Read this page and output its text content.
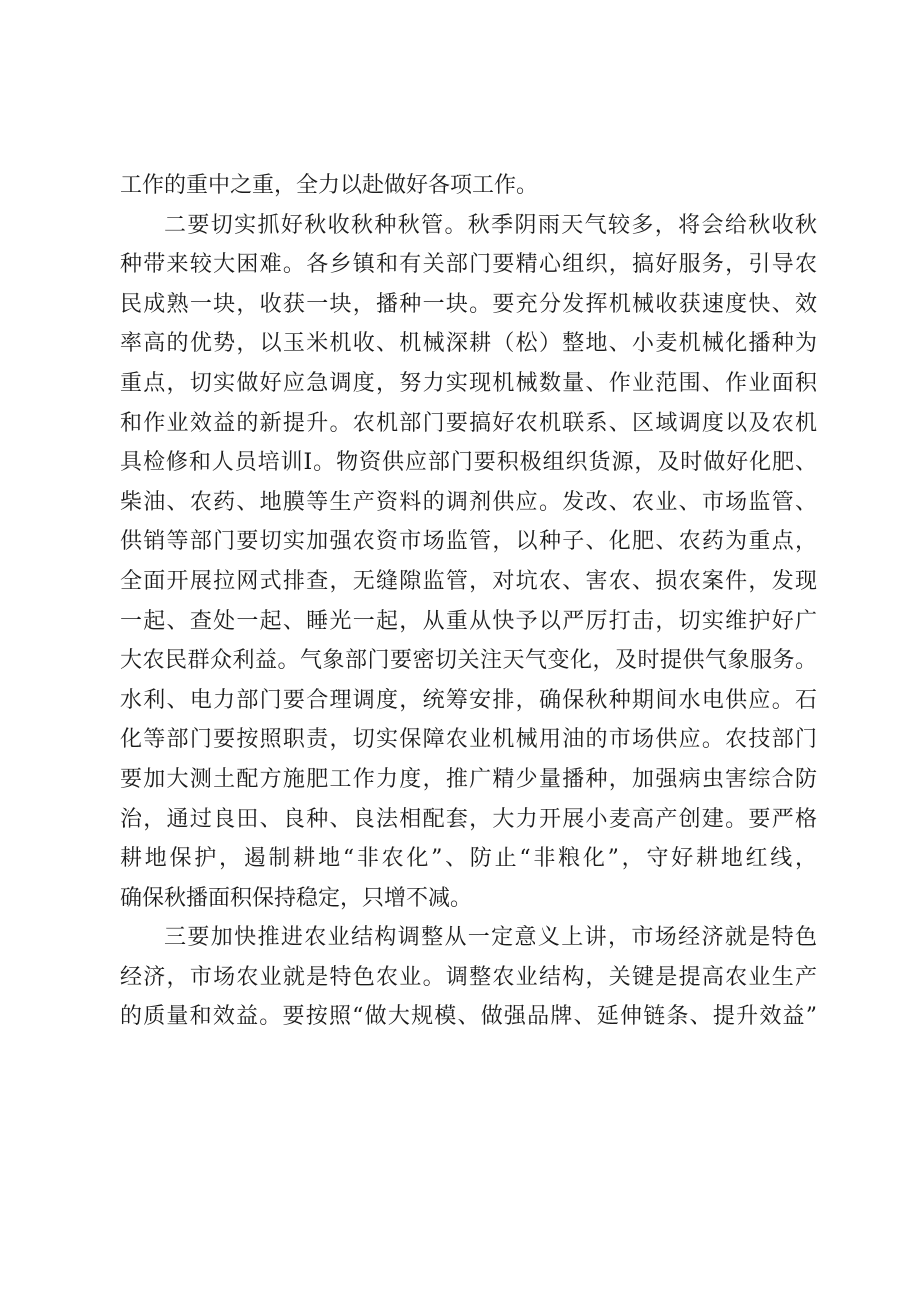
工作的重中之重，全力以赴做好各项工作。
二要切实抓好秋收秋种秋管。秋季阴雨天气较多，将会给秋收秋
种带来较大困难。各乡镇和有关部门要精心组织，搞好服务，引导农
民成熟一块，收获一块，播种一块。要充分发挥机械收获速度快、效
率高的优势，以玉米机收、机械深耕（松）整地、小麦机械化播种为
重点，切实做好应急调度，努力实现机械数量、作业范围、作业面积
和作业效益的新提升。农机部门要搞好农机联系、区域调度以及农机
具检修和人员培训I。物资供应部门要积极组织货源，及时做好化肥、
柴油、农药、地膜等生产资料的调剂供应。发改、农业、市场监管、
供销等部门要切实加强农资市场监管，以种子、化肥、农药为重点，
全面开展拉网式排查，无缝隙监管，对坑农、害农、损农案件，发现
一起、查处一起、睡光一起，从重从快予以严厉打击，切实维护好广
大农民群众利益。气象部门要密切关注天气变化，及时提供气象服务。
水利、电力部门要合理调度，统筹安排，确保秋种期间水电供应。石
化等部门要按照职责，切实保障农业机械用油的市场供应。农技部门
要加大测土配方施肥工作力度，推广精少量播种，加强病虫害综合防
治，通过良田、良种、良法相配套，大力开展小麦高产创建。要严格
耕地保护，遏制耕地“非农化”、防止“非粮化”，守好耕地红线，
确保秋播面积保持稳定，只增不减。
三要加快推进农业结构调整从一定意义上讲，市场经济就是特色
经济，市场农业就是特色农业。调整农业结构，关键是提高农业生产
的质量和效益。要按照“做大规模、做强品牌、延伸链条、提升效益”
